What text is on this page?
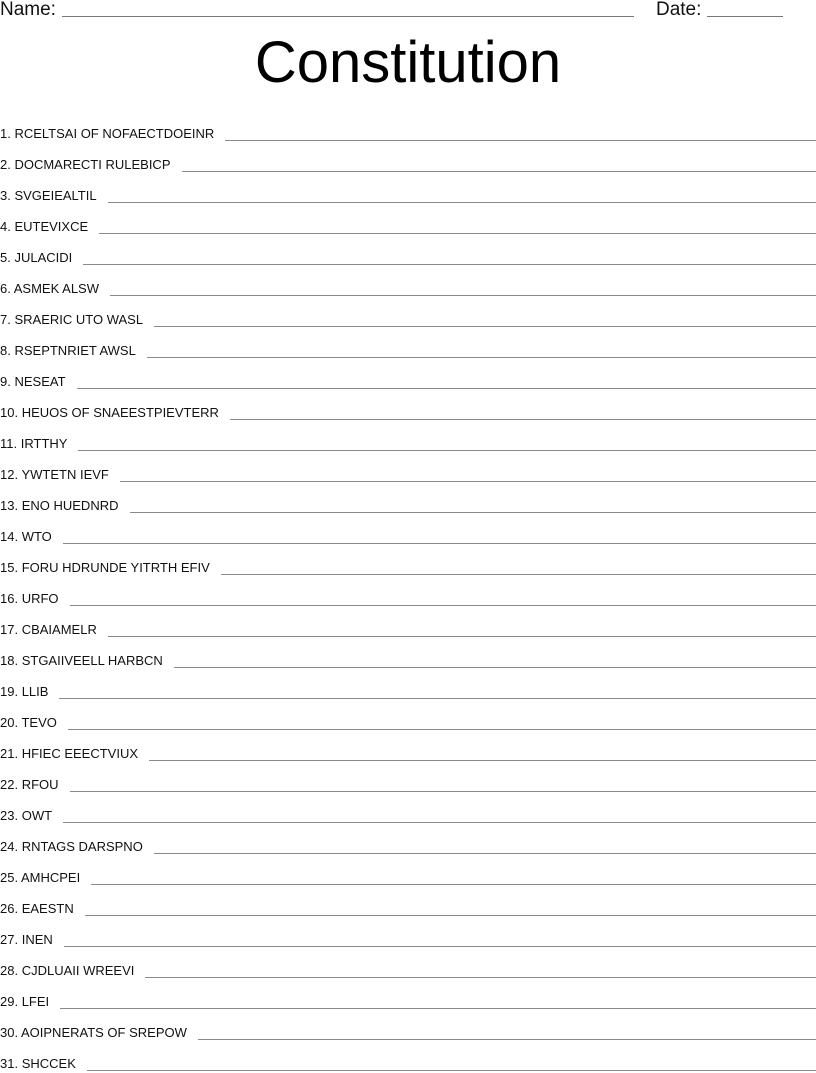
Name:	Date:
Constitution
1. RCELTSAI OF NOFAECTDOEINR
2. DOCMARECTI RULEBICP
3. SVGEIEALTIL
4. EUTEVIXCE
5. JULACIDI
6. ASMEK ALSW
7. SRAERIC UTO WASL
8. RSEPTNRIET AWSL
9. NESEAT
10. HEUOS OF SNAEESTPIEVTERR
11. IRTTHY
12. YWTETN IEVF
13. ENO HUEDNRD
14. WTO
15. FORU HDRUNDE YITRTH EFIV
16. URFO
17. CBAIAMELR
18. STGAIIVEELL HARBCN
19. LLIB
20. TEVO
21. HFIEC EEECTVIUX
22. RFOU
23. OWT
24. RNTAGS DARSPNO
25. AMHCPEI
26. EAESTN
27. INEN
28. CJDLUAII WREEVI
29. LFEI
30. AOIPNERATS OF SREPOW
31. SHCCEK
